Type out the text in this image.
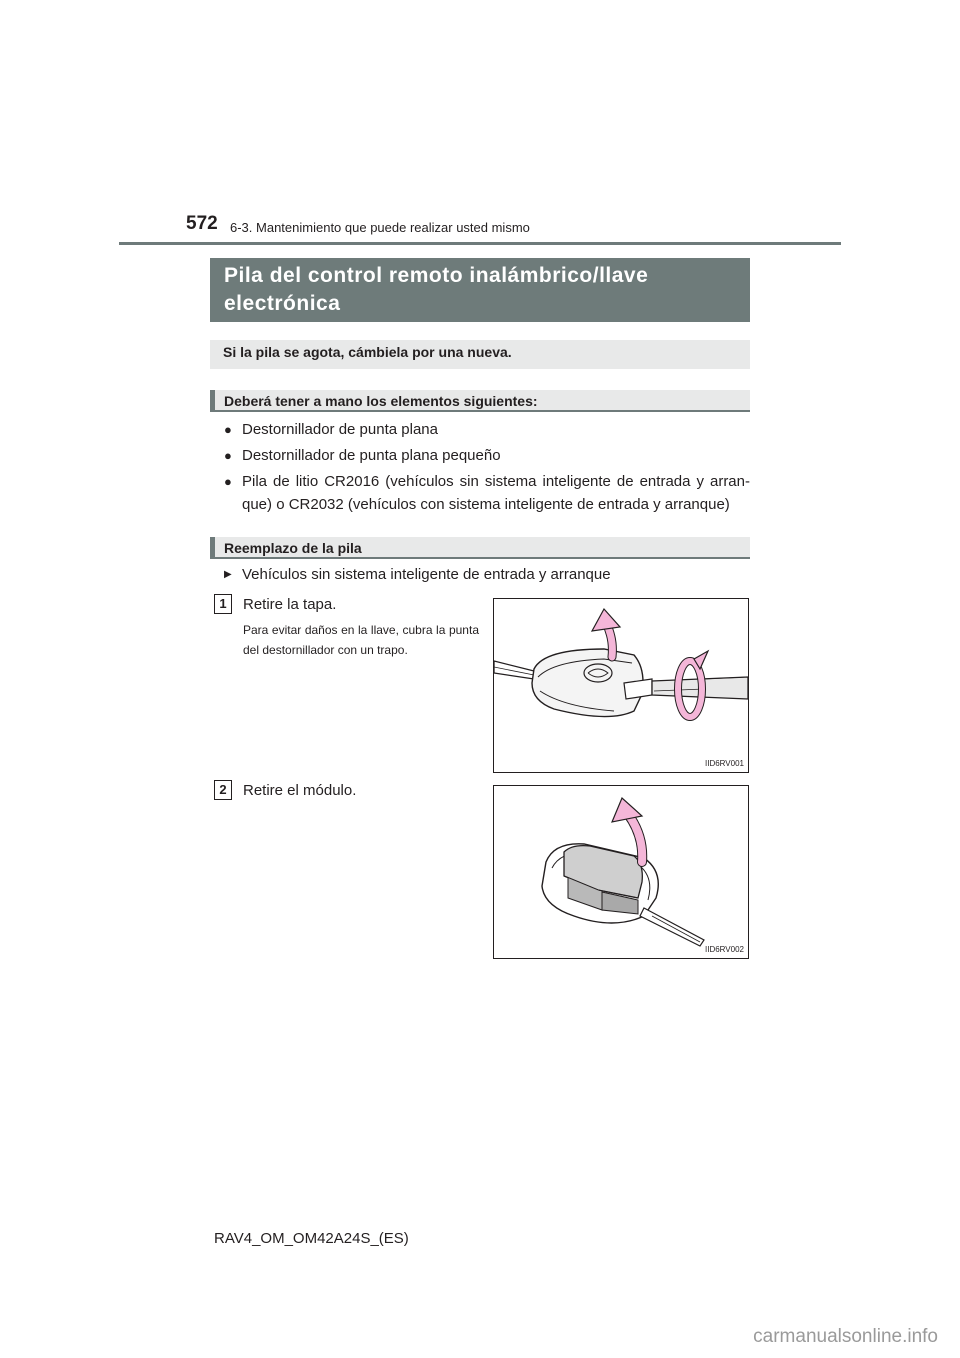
572 6-3. Mantenimiento que puede realizar usted mismo
Pila del control remoto inalámbrico/llave
electrónica
Si la pila se agota, cámbiela por una nueva.
Deberá tener a mano los elementos siguientes:
● Destornillador de punta plana
● Destornillador de punta plana pequeño
● Pila de litio CR2016 (vehículos sin sistema inteligente de entrada y arran- que) o CR2032 (vehículos con sistema inteligente de entrada y arranque)
Reemplazo de la pila
▶ Vehículos sin sistema inteligente de entrada y arranque
1	Retire la tapa.
Para evitar daños en la llave, cubra la punta del destornillador con un trapo.
IID6RV001
2	Retire el módulo.
IID6RV002
RAV4_OM_OM42A24S_(ES)
carmanualsonline.info
